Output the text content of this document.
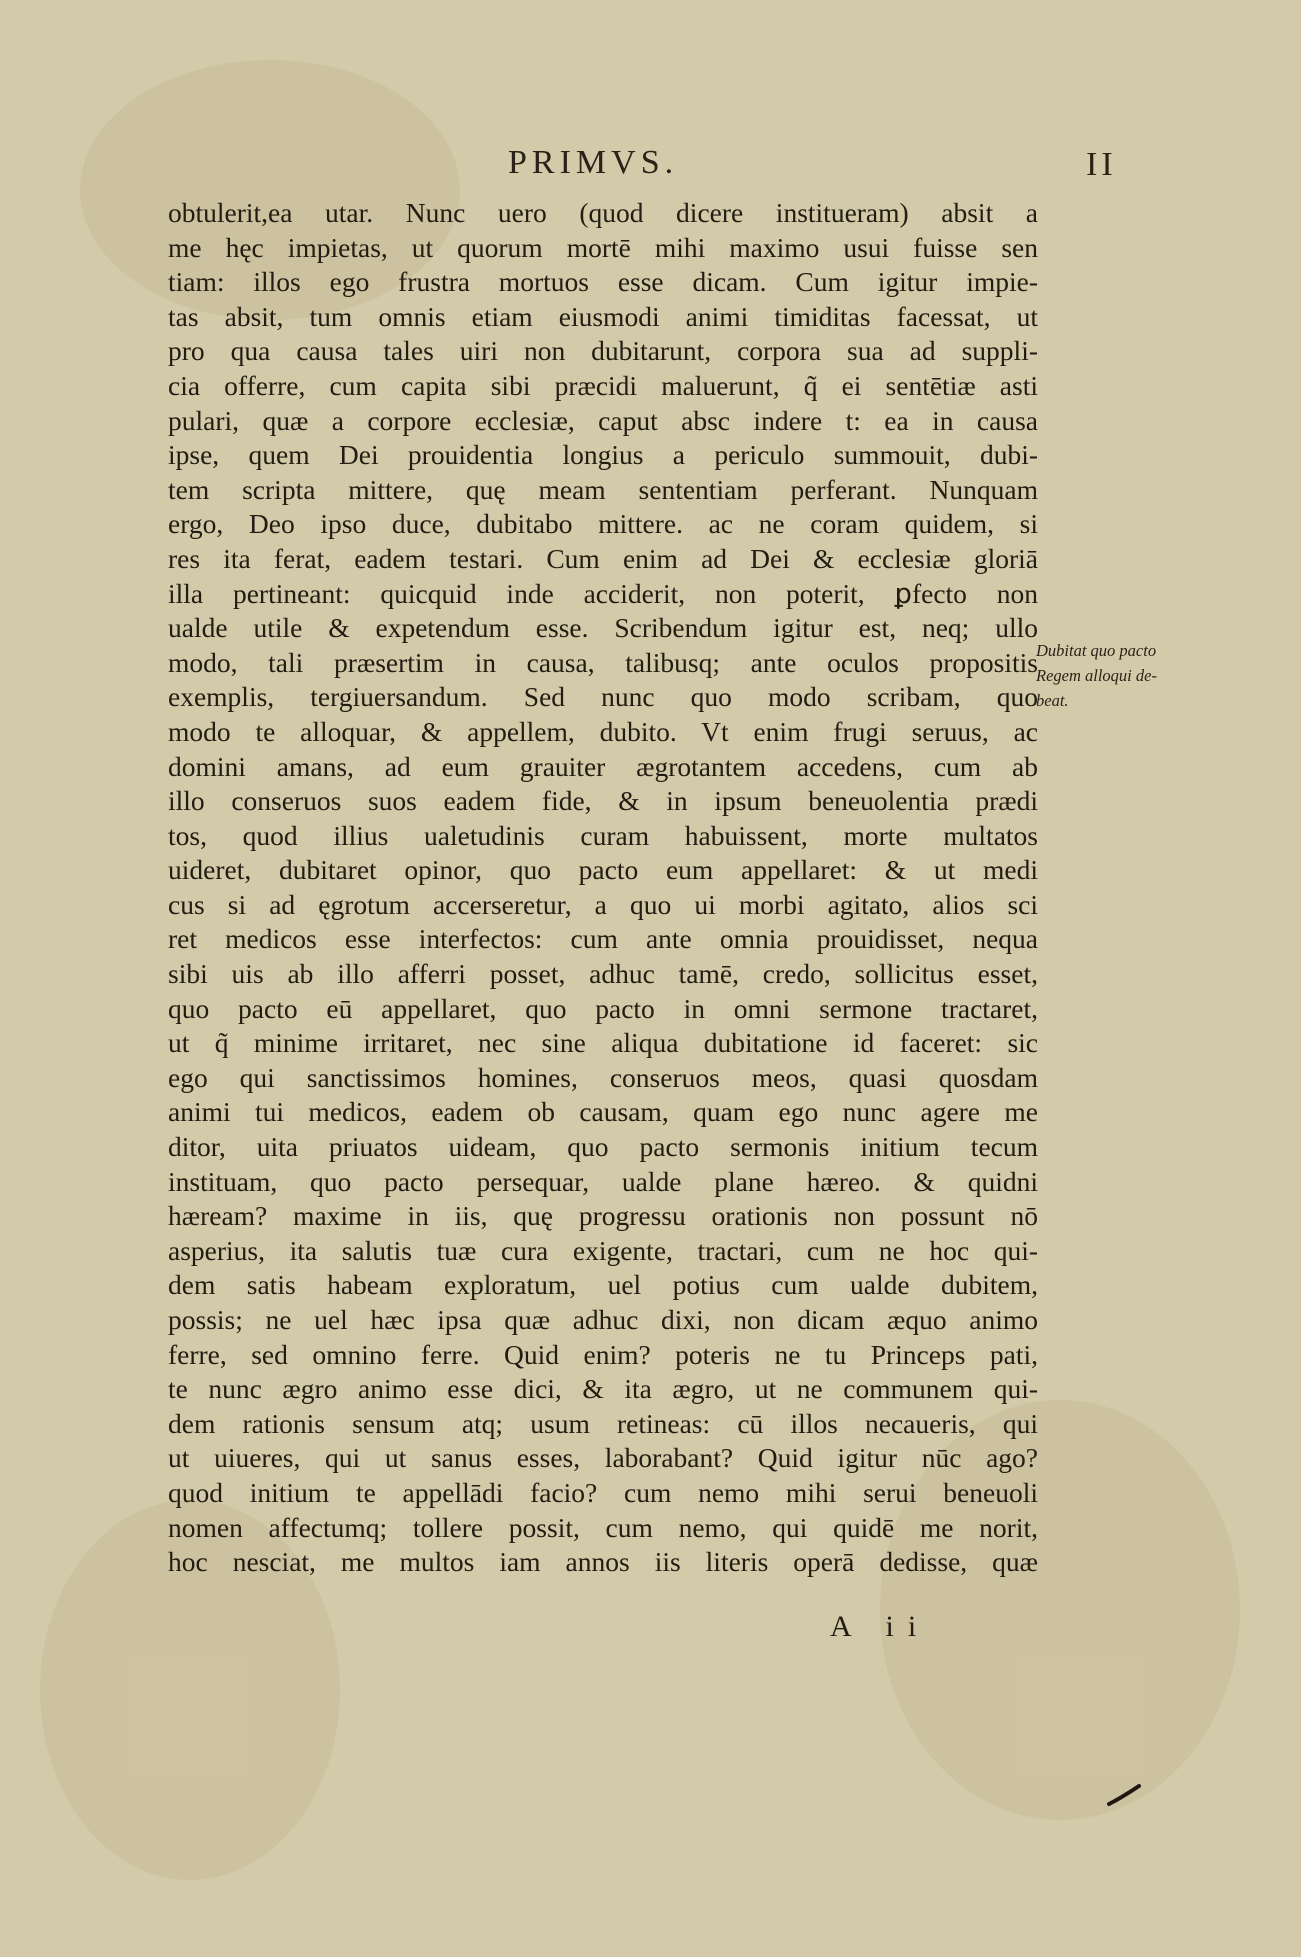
PRIMVS.	II
obtulerit,ea utar. Nunc uero (quod dicere institueram) absit a
me hęc impietas, ut quorum mortē mihi maximo usui fuisse sen
tiam: illos ego frustra mortuos esse dicam. Cum igitur impie-
tas absit, tum omnis etiam eiusmodi animi timiditas facessat, ut
pro qua causa tales uiri non dubitarunt, corpora sua ad suppli-
cia offerre, cum capita sibi præcidi maluerunt, q̃ ei sentētiæ asti
pulari, quæ a corpore ecclesiæ, caput absc indere t: ea in causa
ipse, quem Dei prouidentia longius a periculo summouit, dubi-
tem scripta mittere, quę meam sententiam perferant. Nunquam
ergo, Deo ipso duce, dubitabo mittere. ac ne coram quidem, si
res ita ferat, eadem testari. Cum enim ad Dei & ecclesiæ gloriā
illa pertineant: quicquid inde acciderit, non poterit, ꝑfecto non
ualde utile & expetendum esse. Scribendum igitur est, neq; ullo
modo, tali præsertim in causa, talibusq; ante oculos propositis
exemplis, tergiuersandum. Sed nunc quo modo scribam, quo
modo te alloquar, & appellem, dubito. Vt enim frugi seruus, ac
domini amans, ad eum grauiter ægrotantem accedens, cum ab
illo conseruos suos eadem fide, & in ipsum beneuolentia prædi
tos, quod illius ualetudinis curam habuissent, morte multatos
uideret, dubitaret opinor, quo pacto eum appellaret: & ut medi
cus si ad ęgrotum accerseretur, a quo ui morbi agitato, alios sci
ret medicos esse interfectos: cum ante omnia prouidisset, nequa
sibi uis ab illo afferri posset, adhuc tamē, credo, sollicitus esset,
quo pacto eū appellaret, quo pacto in omni sermone tractaret,
ut q̃ minime irritaret, nec sine aliqua dubitatione id faceret: sic
ego qui sanctissimos homines, conseruos meos, quasi quosdam
animi tui medicos, eadem ob causam, quam ego nunc agere me
ditor, uita priuatos uideam, quo pacto sermonis initium tecum
instituam, quo pacto persequar, ualde plane hæreo. & quidni
hæream? maxime in iis, quę progressu orationis non possunt nō
asperius, ita salutis tuæ cura exigente, tractari, cum ne hoc qui-
dem satis habeam exploratum, uel potius cum ualde dubitem,
possis; ne uel hæc ipsa quæ adhuc dixi, non dicam æquo animo
ferre, sed omnino ferre. Quid enim? poteris ne tu Princeps pati,
te nunc ægro animo esse dici, & ita ægro, ut ne communem qui-
dem rationis sensum atq; usum retineas: cū illos necaueris, qui
ut uiueres, qui ut sanus esses, laborabant? Quid igitur nūc ago?
quod initium te appellādi facio? cum nemo mihi serui beneuoli
nomen affectumq; tollere possit, cum nemo, qui quidē me norit,
hoc nesciat, me multos iam annos iis literis operā dedisse, quæ
Dubitat quo pacto
Regem alloqui de-
beat.
A ii
